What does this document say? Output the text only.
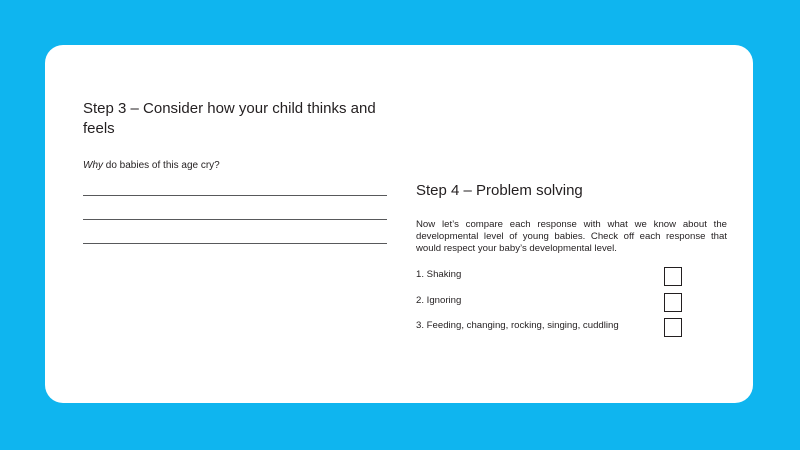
Step 3 – Consider how your child thinks and feels
Why do babies of this age cry?
Step 4 – Problem solving
Now let’s compare each response with what we know about the developmental level of young babies. Check off each response that would respect your baby’s developmental level.
1. Shaking
2. Ignoring
3. Feeding, changing, rocking, singing, cuddling
